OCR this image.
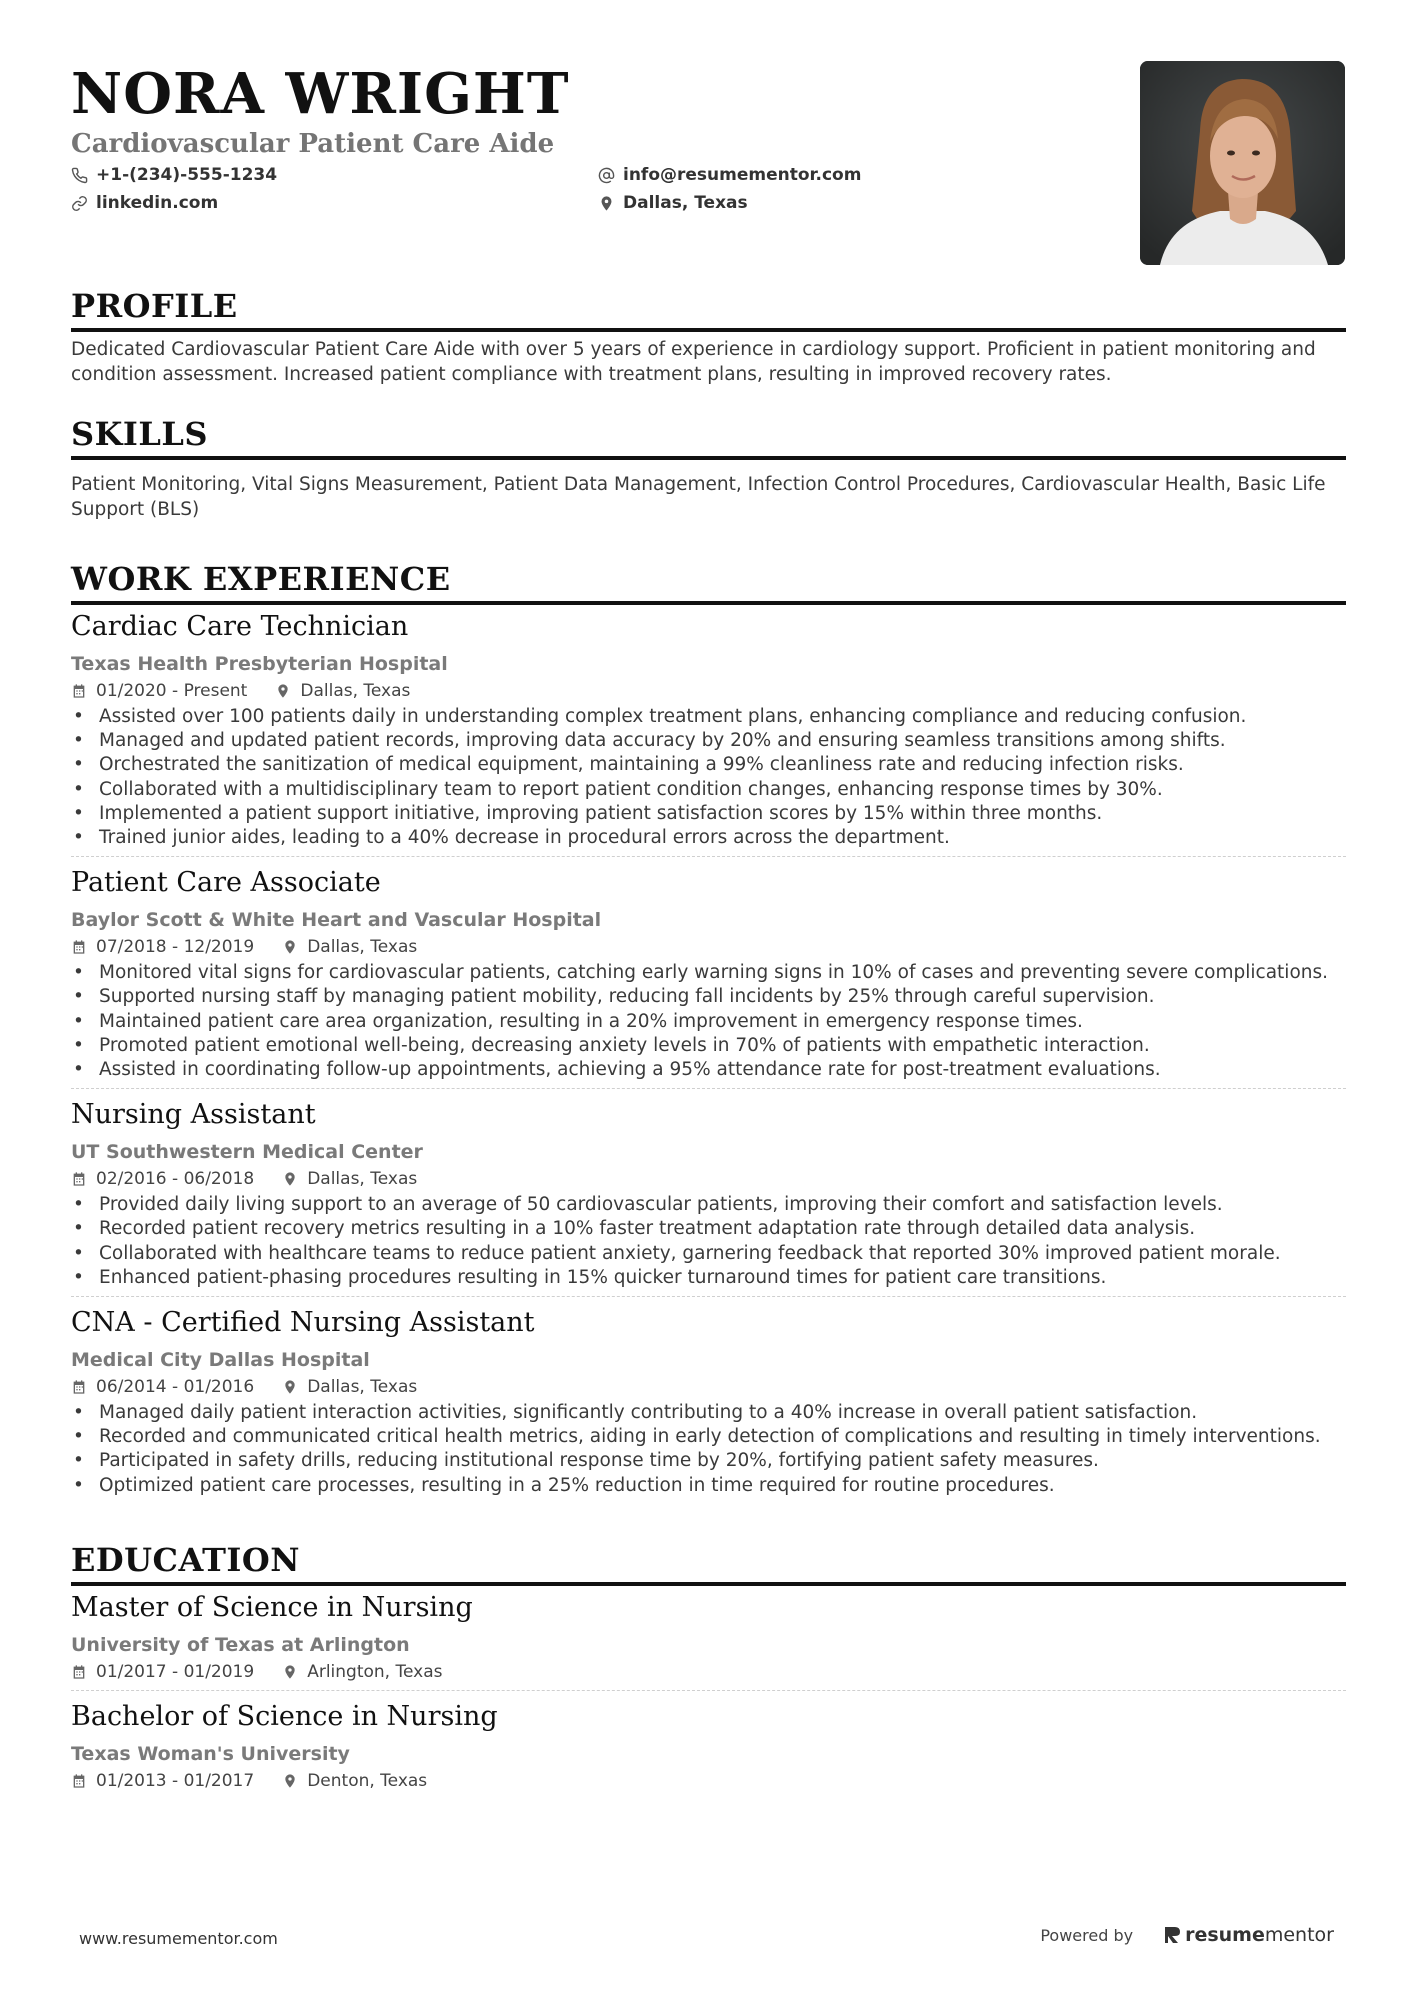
NORA WRIGHT
Cardiovascular Patient Care Aide
+1-(234)-555-1234	info@resumementor.com
linkedin.com	Dallas, Texas
PROFILE
Dedicated Cardiovascular Patient Care Aide with over 5 years of experience in cardiology support. Proficient in patient monitoring and condition assessment. Increased patient compliance with treatment plans, resulting in improved recovery rates.
SKILLS
Patient Monitoring, Vital Signs Measurement, Patient Data Management, Infection Control Procedures, Cardiovascular Health, Basic Life Support (BLS)
WORK EXPERIENCE
Cardiac Care Technician
Texas Health Presbyterian Hospital
01/2020 - Present	Dallas, Texas
• Assisted over 100 patients daily in understanding complex treatment plans, enhancing compliance and reducing confusion.
• Managed and updated patient records, improving data accuracy by 20% and ensuring seamless transitions among shifts.
• Orchestrated the sanitization of medical equipment, maintaining a 99% cleanliness rate and reducing infection risks.
• Collaborated with a multidisciplinary team to report patient condition changes, enhancing response times by 30%.
• Implemented a patient support initiative, improving patient satisfaction scores by 15% within three months.
• Trained junior aides, leading to a 40% decrease in procedural errors across the department.
Patient Care Associate
Baylor Scott & White Heart and Vascular Hospital
07/2018 - 12/2019	Dallas, Texas
• Monitored vital signs for cardiovascular patients, catching early warning signs in 10% of cases and preventing severe complications.
• Supported nursing staff by managing patient mobility, reducing fall incidents by 25% through careful supervision.
• Maintained patient care area organization, resulting in a 20% improvement in emergency response times.
• Promoted patient emotional well-being, decreasing anxiety levels in 70% of patients with empathetic interaction.
• Assisted in coordinating follow-up appointments, achieving a 95% attendance rate for post-treatment evaluations.
Nursing Assistant
UT Southwestern Medical Center
02/2016 - 06/2018	Dallas, Texas
• Provided daily living support to an average of 50 cardiovascular patients, improving their comfort and satisfaction levels.
• Recorded patient recovery metrics resulting in a 10% faster treatment adaptation rate through detailed data analysis.
• Collaborated with healthcare teams to reduce patient anxiety, garnering feedback that reported 30% improved patient morale.
• Enhanced patient-phasing procedures resulting in 15% quicker turnaround times for patient care transitions.
CNA - Certified Nursing Assistant
Medical City Dallas Hospital
06/2014 - 01/2016	Dallas, Texas
• Managed daily patient interaction activities, significantly contributing to a 40% increase in overall patient satisfaction.
• Recorded and communicated critical health metrics, aiding in early detection of complications and resulting in timely interventions.
• Participated in safety drills, reducing institutional response time by 20%, fortifying patient safety measures.
• Optimized patient care processes, resulting in a 25% reduction in time required for routine procedures.
EDUCATION
Master of Science in Nursing
University of Texas at Arlington
01/2017 - 01/2019	Arlington, Texas
Bachelor of Science in Nursing
Texas Woman's University
01/2013 - 01/2017	Denton, Texas
www.resumementor.com	Powered by	resume mentor
